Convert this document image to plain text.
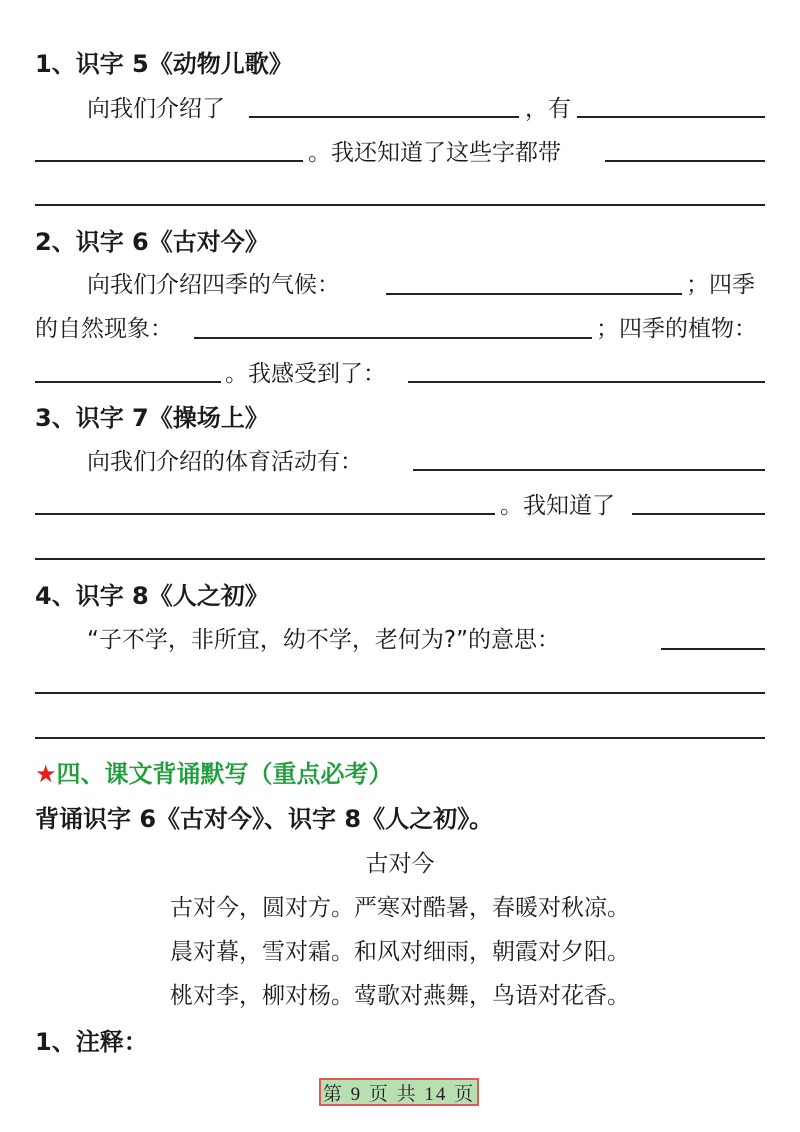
1、识字 5《动物儿歌》
向我们介绍了	，有
。我还知道了这些字都带
2、识字 6《古对今》
向我们介绍四季的气候：	；四季
的自然现象：	；四季的植物：
。我感受到了：
3、识字 7《操场上》
向我们介绍的体育活动有：
。我知道了
4、识字 8《人之初》
“子不学，非所宜，幼不学，老何为?”的意思：
★四、课文背诵默写（重点必考）
背诵识字 6《古对今》、识字 8《人之初》。
古对今
古对今，圆对方。严寒对酷暑，春暖对秋凉。
晨对暮，雪对霜。和风对细雨，朝霞对夕阳。
桃对李，柳对杨。莺歌对燕舞，鸟语对花香。
1、注释：
第 9 页 共 14 页
